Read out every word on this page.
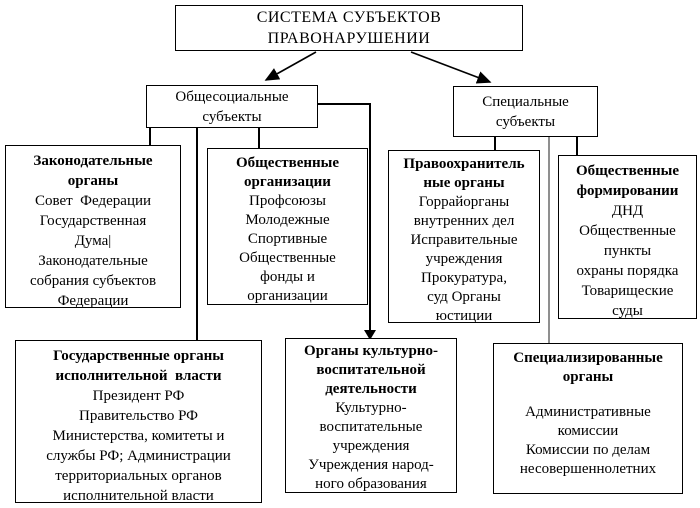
СИСТЕМА СУБЪЕКТОВ
ПРАВОНАРУШЕНИИ
Общесоциальные
субъекты
Специальные
субъекты
Законодательные
органы
Совет  Федерации
Государственная
Дума|
Законодательные
собрания субъектов
Федерации
Общественные
организации
Профсоюзы
Молодежные
Спортивные
Общественные
фонды и
организации
Правоохранитель
ные органы
Горрайорганы
внутренних дел
Исправительные
учреждения
Прокуратура,
суд Органы
юстиции
Общественные
формировании
ДНД
Общественные
пункты
охраны порядка
Товарищеские
суды
Государственные органы
исполнительной  власти
Президент РФ
Правительство РФ
Министерства, комитеты и
службы РФ; Администрации
территориальных органов
исполнительной власти
Органы культурно-
воспитательной
деятельности
Культурно-
воспитательные
учреждения
Учреждения народ-
ного образования
Специализированные
органы
Административные
комиссии
Комиссии по делам
несовершеннолетних
